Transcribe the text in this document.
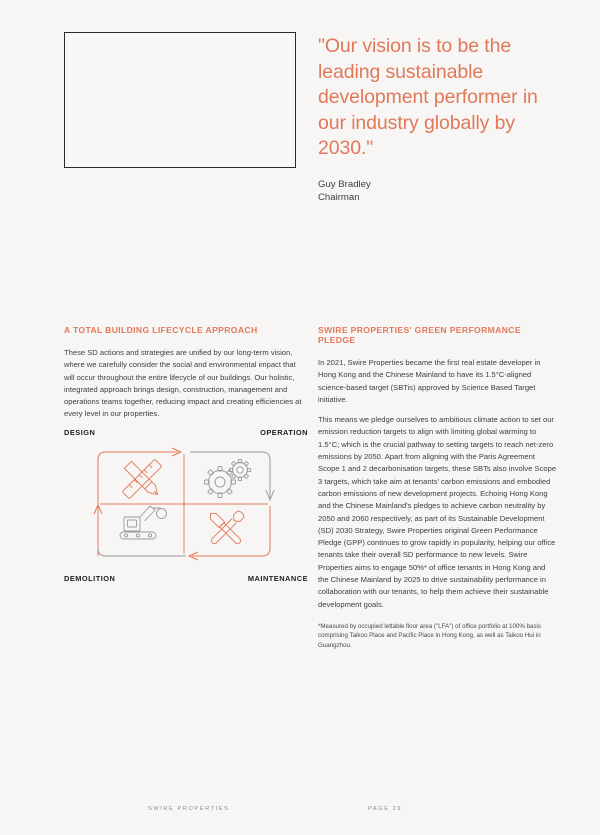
"Our vision is to be the leading sustainable development performer in our industry globally by 2030."

Guy Bradley
Chairman
A TOTAL BUILDING LIFECYCLE APPROACH

These SD actions and strategies are unified by our long-term vision, where we carefully consider the social and environmental impact that will occur throughout the entire lifecycle of our buildings. Our holistic, integrated approach brings design, construction, management and operations teams together, reducing impact and creating efficiencies at every level in our properties.

DESIGN	OPERATION
DEMOLITION	MAINTENANCE
SWIRE PROPERTIES' GREEN PERFORMANCE PLEDGE

In 2021, Swire Properties became the first real estate developer in Hong Kong and the Chinese Mainland to have its 1.5°C-aligned science-based target (SBTis) approved by Science Based Target initiative.

This means we pledge ourselves to ambitious climate action to set our emission reduction targets to align with limiting global warming to 1.5°C; which is the crucial pathway to setting targets to reach net-zero emissions by 2050. Apart from aligning with the Paris Agreement Scope 1 and 2 decarbonisation targets, these SBTs also involve Scope 3 targets, which take aim at tenants' carbon emissions and embodied carbon emissions of new development projects. Echoing Hong Kong and the Chinese Mainland's pledges to achieve carbon neutrality by 2050 and 2060 respectively, as part of its Sustainable Development (SD) 2030 Strategy, Swire Properties original Green Performance Pledge (GPP) continues to grow rapidly in popularity, helping our office tenants take their overall SD performance to new levels. Swire Properties aims to engage 50%* of office tenants in Hong Kong and the Chinese Mainland by 2025 to drive sustainability performance in collaboration with our tenants, to help them achieve their sustainable development goals.

*Measured by occupied lettable floor area ("LFA") of office portfolio at 100% basis comprising Taikoo Place and Pacific Place in Hong Kong, as well as Taikoo Hui in Guangzhou.
SWIRE PROPERTIES	PAGE 29
